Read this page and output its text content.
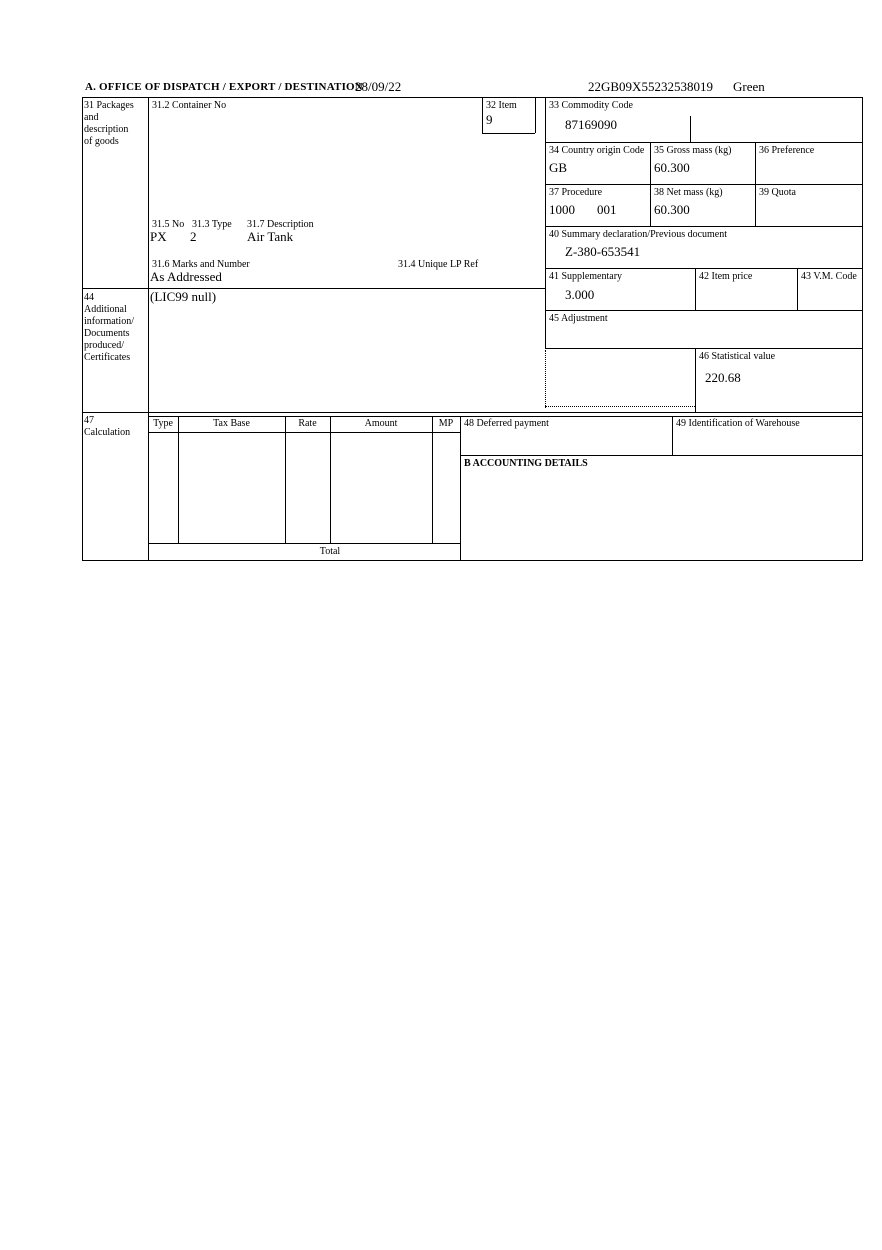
A. OFFICE OF DISPATCH / EXPORT / DESTINATION
28/09/22	22GB09X55232538019 Green
31 Packages
and
description
of goods
31.2 Container No	32 Item
9
31.5 No 31.3 Type 31.7 Description
PX 2	Air Tank
31.6 Marks and Number	31.4 Unique LP Ref
As Addressed
33 Commodity Code
87169090
34 Country origin Code
GB
35 Gross mass (kg)
60.300
36 Preference
37 Procedure
1000 001
38 Net mass (kg)
60.300
39 Quota
40 Summary declaration/Previous document
Z-380-653541
41 Supplementary
3.000
42 Item price	43 V.M. Code
44
Additional
information/
Documents
produced/
Certificates
(LIC99 null)
45 Adjustment
46 Statistical value
220.68
47
Calculation
Type	Tax Base	Rate	Amount	MP
Total
48 Deferred payment	49 Identification of Warehouse
B ACCOUNTING DETAILS
